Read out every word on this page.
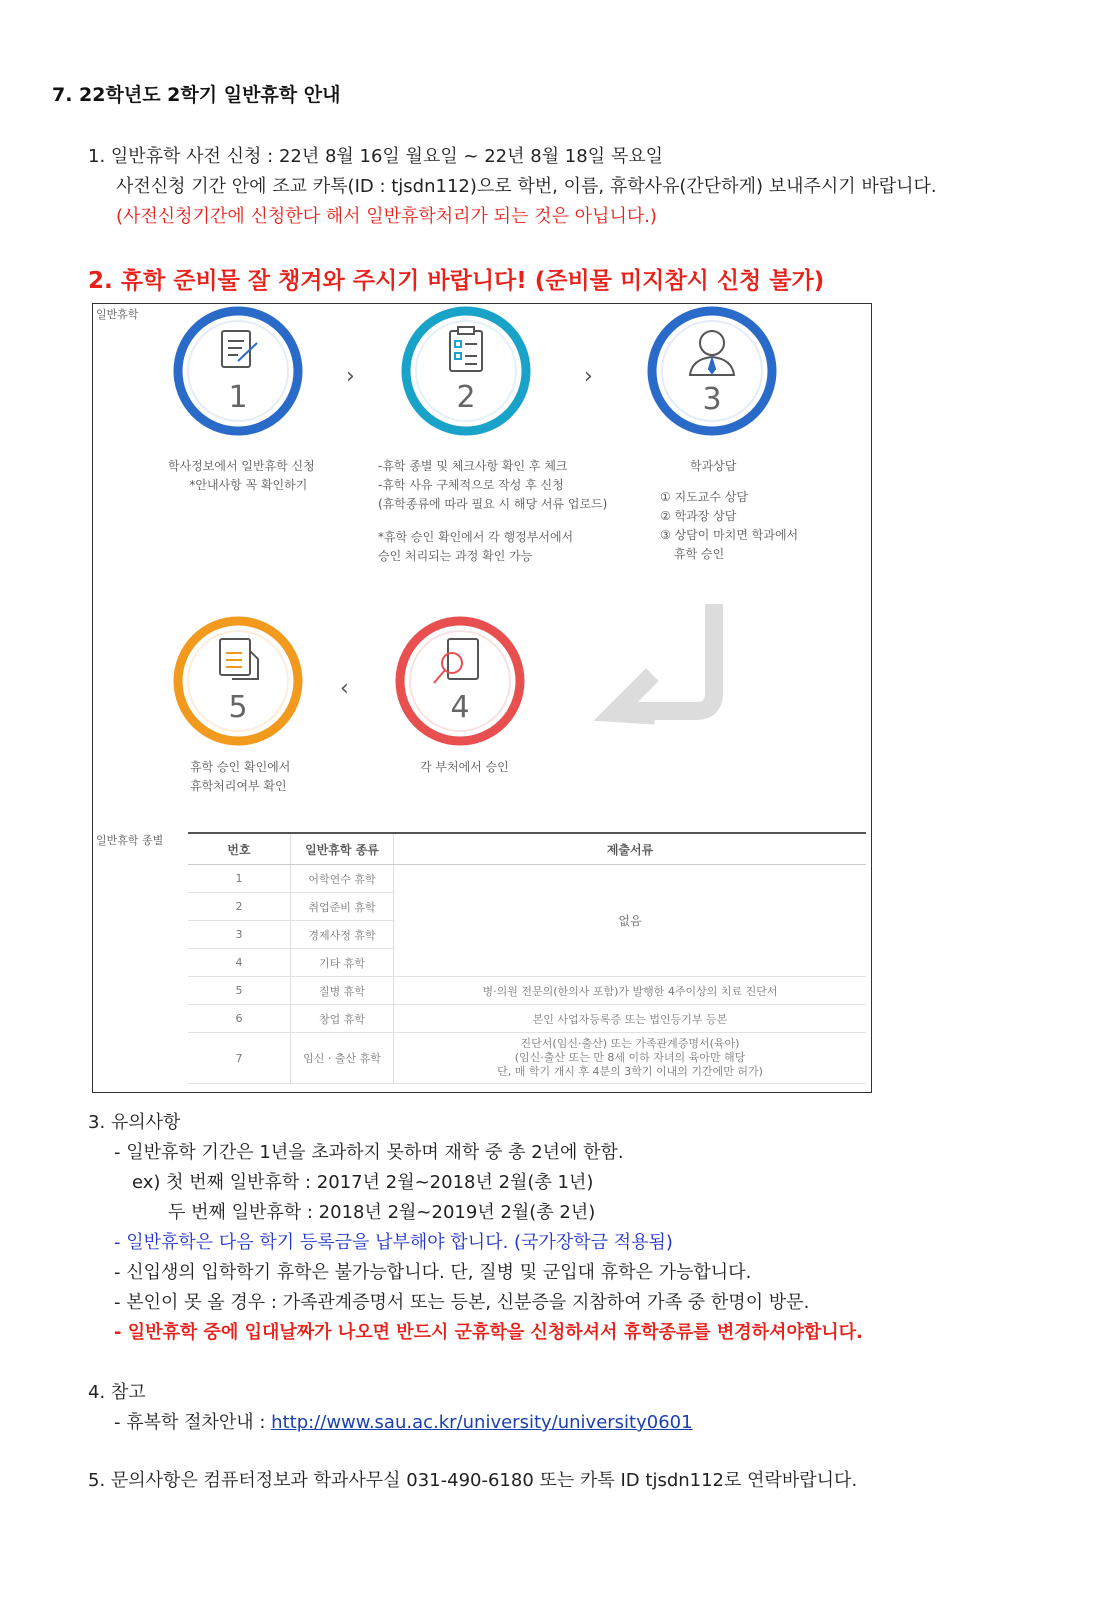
7. 22학년도 2학기 일반휴학 안내
1. 일반휴학 사전 신청 : 22년 8월 16일 월요일 ~ 22년 8월 18일 목요일
사전신청 기간 안에 조교 카톡(ID : tjsdn112)으로 학번, 이름, 휴학사유(간단하게) 보내주시기 바랍니다.
(사전신청기간에 신청한다 해서 일반휴학처리가 되는 것은 아닙니다.)
2. 휴학 준비물 잘 챙겨와 주시기 바랍니다! (준비물 미지참시 신청 불가)
일반휴학
1	2	3
5	4
›	›
‹
학사정보에서 일반휴학 신청
*안내사항 꼭 확인하기
-휴학 종별 및 체크사항 확인 후 체크
-휴학 사유 구체적으로 작성 후 신청
(휴학종류에 따라 필요 시 해당 서류 업로드)
*휴학 승인 확인에서 각 행정부서에서
승인 처리되는 과정 확인 가능
학과상담
① 지도교수 상담
② 학과장 상담
③ 상담이 마치면 학과에서
휴학 승인
휴학 승인 확인에서
휴학처리여부 확인
각 부처에서 승인
일반휴학 종별
번호	일반휴학 종류	제출서류
1	어학연수 휴학	없음
2	취업준비 휴학	
3	경제사정 휴학	
4	기타 휴학	
5	질병 휴학	병·의원 전문의(한의사 포함)가 발행한 4주이상의 치료 진단서
6	창업 휴학	본인 사업자등록증 또는 법인등기부 등본
7	임신 · 출산 휴학	진단서(임신·출산) 또는 가족관계증명서(육아)
(임신·출산 또는 만 8세 이하 자녀의 육아만 해당
단, 매 학기 개시 후 4분의 3학기 이내의 기간에만 허가)
3. 유의사항
- 일반휴학 기간은 1년을 초과하지 못하며 재학 중 총 2년에 한함.
ex) 첫 번째 일반휴학 : 2017년 2월~2018년 2월(총 1년)
두 번째 일반휴학 : 2018년 2월~2019년 2월(총 2년)
- 일반휴학은 다음 학기 등록금을 납부해야 합니다. (국가장학금 적용됨)
- 신입생의 입학학기 휴학은 불가능합니다. 단, 질병 및 군입대 휴학은 가능합니다.
- 본인이 못 올 경우 : 가족관계증명서 또는 등본, 신분증을 지참하여 가족 중 한명이 방문.
- 일반휴학 중에 입대날짜가 나오면 반드시 군휴학을 신청하셔서 휴학종류를 변경하셔야합니다.
4. 참고
- 휴복학 절차안내 : http://www.sau.ac.kr/university/university0601
5. 문의사항은 컴퓨터정보과 학과사무실 031-490-6180 또는 카톡 ID tjsdn112로 연락바랍니다.
